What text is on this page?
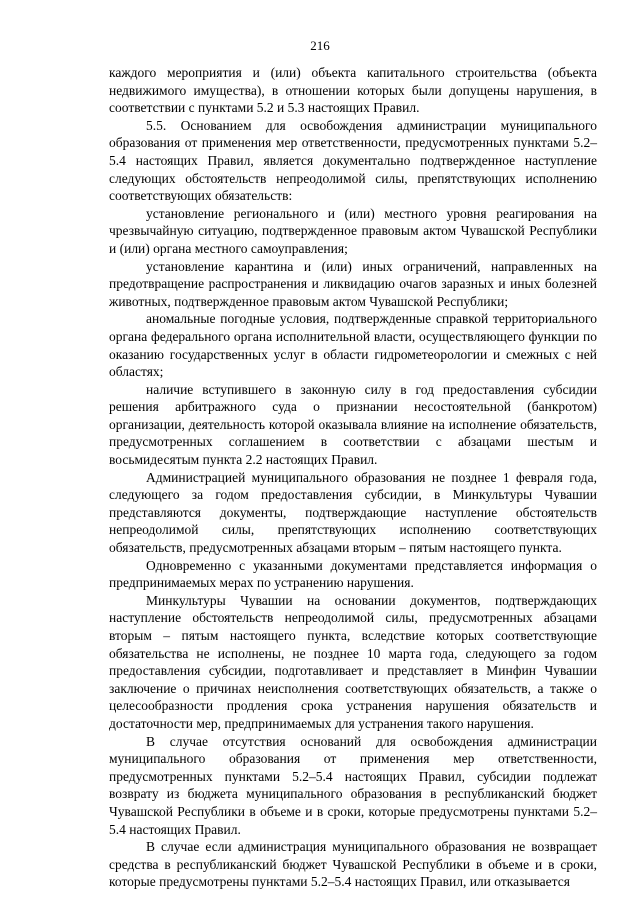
216

каждого мероприятия и (или) объекта капитального строительства (объекта недвижимого имущества), в отношении которых были допущены нарушения, в соответствии с пунктами 5.2 и 5.3 настоящих Правил.

5.5. Основанием для освобождения администрации муниципального образования от применения мер ответственности, предусмотренных пунктами 5.2–5.4 настоящих Правил, является документально подтвержденное наступление следующих обстоятельств непреодолимой силы, препятствующих исполнению соответствующих обязательств:

установление регионального и (или) местного уровня реагирования на чрезвычайную ситуацию, подтвержденное правовым актом Чувашской Республики и (или) органа местного самоуправления;

установление карантина и (или) иных ограничений, направленных на предотвращение распространения и ликвидацию очагов заразных и иных болезней животных, подтвержденное правовым актом Чувашской Республики;

аномальные погодные условия, подтвержденные справкой территориального органа федерального органа исполнительной власти, осуществляющего функции по оказанию государственных услуг в области гидрометеорологии и смежных с ней областях;

наличие вступившего в законную силу в год предоставления субсидии решения арбитражного суда о признании несостоятельной (банкротом) организации, деятельность которой оказывала влияние на исполнение обязательств, предусмотренных соглашением в соответствии с абзацами шестым и восьмидесятым пункта 2.2 настоящих Правил.

Администрацией муниципального образования не позднее 1 февраля года, следующего за годом предоставления субсидии, в Минкультуры Чувашии представляются документы, подтверждающие наступление обстоятельств непреодолимой силы, препятствующих исполнению соответствующих обязательств, предусмотренных абзацами вторым – пятым настоящего пункта.

Одновременно с указанными документами представляется информация о предпринимаемых мерах по устранению нарушения.

Минкультуры Чувашии на основании документов, подтверждающих наступление обстоятельств непреодолимой силы, предусмотренных абзацами вторым – пятым настоящего пункта, вследствие которых соответствующие обязательства не исполнены, не позднее 10 марта года, следующего за годом предоставления субсидии, подготавливает и представляет в Минфин Чувашии заключение о причинах неисполнения соответствующих обязательств, а также о целесообразности продления срока устранения нарушения обязательств и достаточности мер, предпринимаемых для устранения такого нарушения.

В случае отсутствия оснований для освобождения администрации муниципального образования от применения мер ответственности, предусмотренных пунктами 5.2–5.4 настоящих Правил, субсидии подлежат возврату из бюджета муниципального образования в республиканский бюджет Чувашской Республики в объеме и в сроки, которые предусмотрены пунктами 5.2–5.4 настоящих Правил.

В случае если администрация муниципального образования не возвращает средства в республиканский бюджет Чувашской Республики в объеме и в сроки, которые предусмотрены пунктами 5.2–5.4 настоящих Правил, или отказывается
